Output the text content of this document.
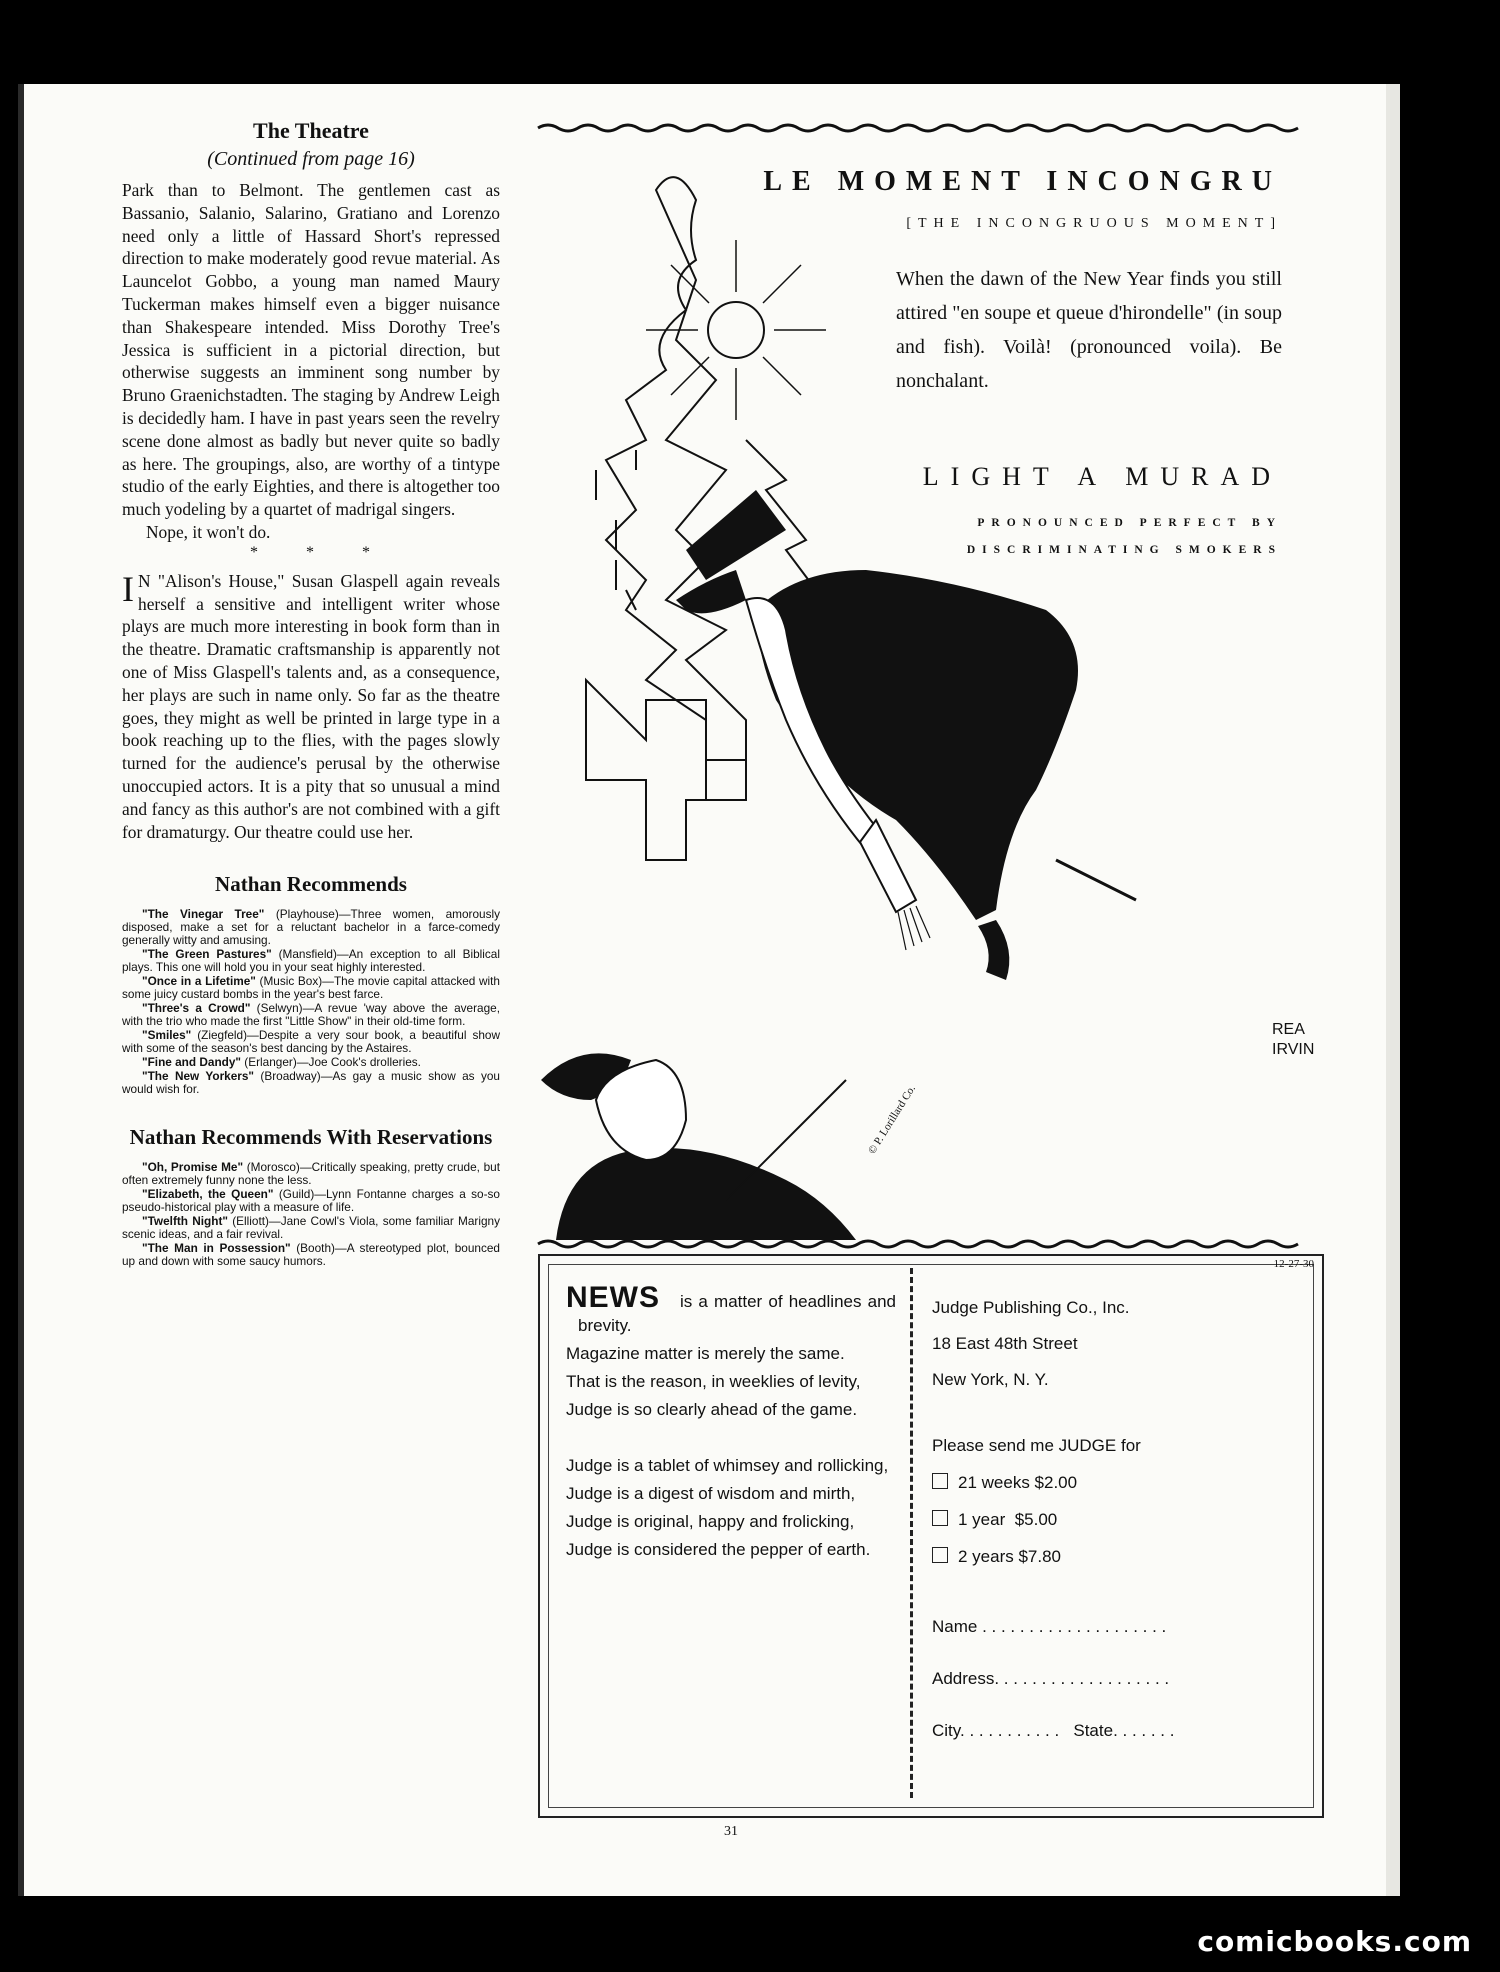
The Theatre

(Continued from page 16)

Park than to Belmont. The gentlemen cast as Bassanio, Salanio, Salarino, Gratiano and Lorenzo need only a little of Hassard Short's repressed direction to make moderately good revue material. As Launcelot Gobbo, a young man named Maury Tuckerman makes himself even a bigger nuisance than Shakespeare intended. Miss Dorothy Tree's Jessica is sufficient in a pictorial direction, but otherwise suggests an imminent song number by Bruno Graenichstadten. The staging by Andrew Leigh is decidedly ham. I have in past years seen the revelry scene done almost as badly but never quite so badly as here. The groupings, also, are worthy of a tintype studio of the early Eighties, and there is altogether too much yodeling by a quartet of madrigal singers.

Nope, it won't do.

* * *

I N "Alison's House," Susan Glaspell again reveals herself a sensitive and intelligent writer whose plays are much more interesting in book form than in the theatre. Dramatic craftsmanship is apparently not one of Miss Glaspell's talents and, as a consequence, her plays are such in name only. So far as the theatre goes, they might as well be printed in large type in a book reaching up to the flies, with the pages slowly turned for the audience's perusal by the otherwise unoccupied actors. It is a pity that so unusual a mind and fancy as this author's are not combined with a gift for dramaturgy. Our theatre could use her.

Nathan Recommends
"The Vinegar Tree" (Playhouse)—Three women, amorously disposed, make a set for a reluctant bachelor in a farce-comedy generally witty and amusing.
"The Green Pastures" (Mansfield)—An exception to all Biblical plays. This one will hold you in your seat highly interested.
"Once in a Lifetime" (Music Box)—The movie capital attacked with some juicy custard bombs in the year's best farce.
"Three's a Crowd" (Selwyn)—A revue 'way above the average, with the trio who made the first "Little Show" in their old-time form.
"Smiles" (Ziegfeld)—Despite a very sour book, a beautiful show with some of the season's best dancing by the Astaires.
"Fine and Dandy" (Erlanger)—Joe Cook's drolleries.
"The New Yorkers" (Broadway)—As gay a music show as you would wish for.
Nathan Recommends With Reservations
"Oh, Promise Me" (Morosco)—Critically speaking, pretty crude, but often extremely funny none the less.
"Elizabeth, the Queen" (Guild)—Lynn Fontanne charges a so-so pseudo-historical play with a measure of life.
"Twelfth Night" (Elliott)—Jane Cowl's Viola, some familiar Marigny scenic ideas, and a fair revival.
"The Man in Possession" (Booth)—A stereotyped plot, bounced up and down with some saucy humors.
LE MOMENT INCONGRU

[THE INCONGRUOUS MOMENT]

When the dawn of the New Year finds you still attired "en soupe et queue d'hirondelle" (in soup and fish). Voilà! (pronounced voila). Be nonchalant.

LIGHT A MURAD

PRONOUNCED PERFECT BY
DISCRIMINATING SMOKERS

© P. Lorillard Co.

REA IRVIN

12-27-30

NEWS is a matter of headlines and brevity.

Magazine matter is merely the same.

That is the reason, in weeklies of levity,

Judge is so clearly ahead of the game.

Judge is a tablet of whimsey and rollicking,

Judge is a digest of wisdom and mirth,

Judge is original, happy and frolicking,

Judge is considered the pepper of earth.

Judge Publishing Co., Inc.

18 East 48th Street

New York, N. Y.

Please send me JUDGE for

21 weeks $2.00

1 year  $5.00

2 years $7.80

Name . . . . . . . . . . . . . . . . . . . .

Address. . . . . . . . . . . . . . . . . . .

City. . . . . . . . . . .   State. . . . . . .

31

comicbooks.com
